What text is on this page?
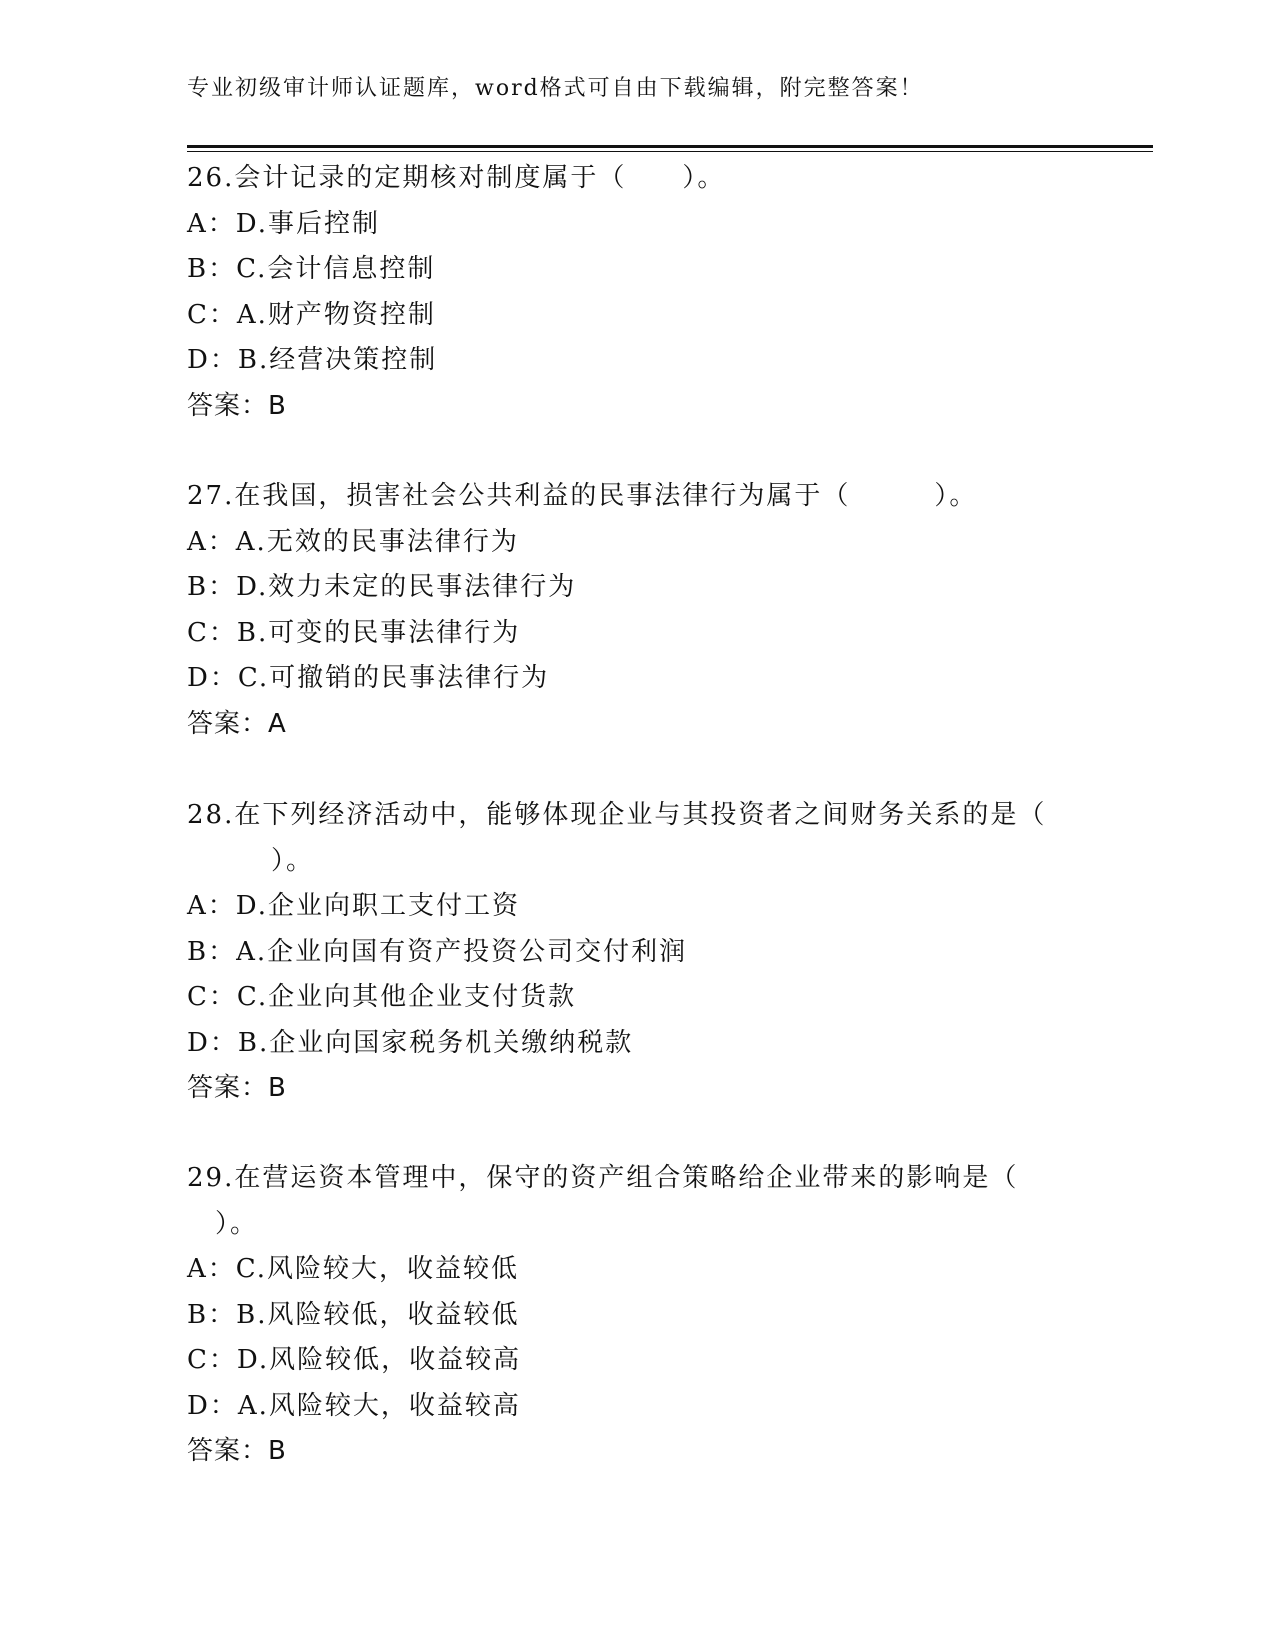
专业初级审计师认证题库，word格式可自由下载编辑，附完整答案！
26.会计记录的定期核对制度属于（　　）。
A：D.事后控制
B：C.会计信息控制
C：A.财产物资控制
D：B.经营决策控制
答案：B
27.在我国，损害社会公共利益的民事法律行为属于（　　　）。
A：A.无效的民事法律行为
B：D.效力未定的民事法律行为
C：B.可变的民事法律行为
D：C.可撤销的民事法律行为
答案：A
28.在下列经济活动中，能够体现企业与其投资者之间财务关系的是（
　　　）。
A：D.企业向职工支付工资
B：A.企业向国有资产投资公司交付利润
C：C.企业向其他企业支付货款
D：B.企业向国家税务机关缴纳税款
答案：B
29.在营运资本管理中，保守的资产组合策略给企业带来的影响是（
　）。
A：C.风险较大，收益较低
B：B.风险较低，收益较低
C：D.风险较低，收益较高
D：A.风险较大，收益较高
答案：B
